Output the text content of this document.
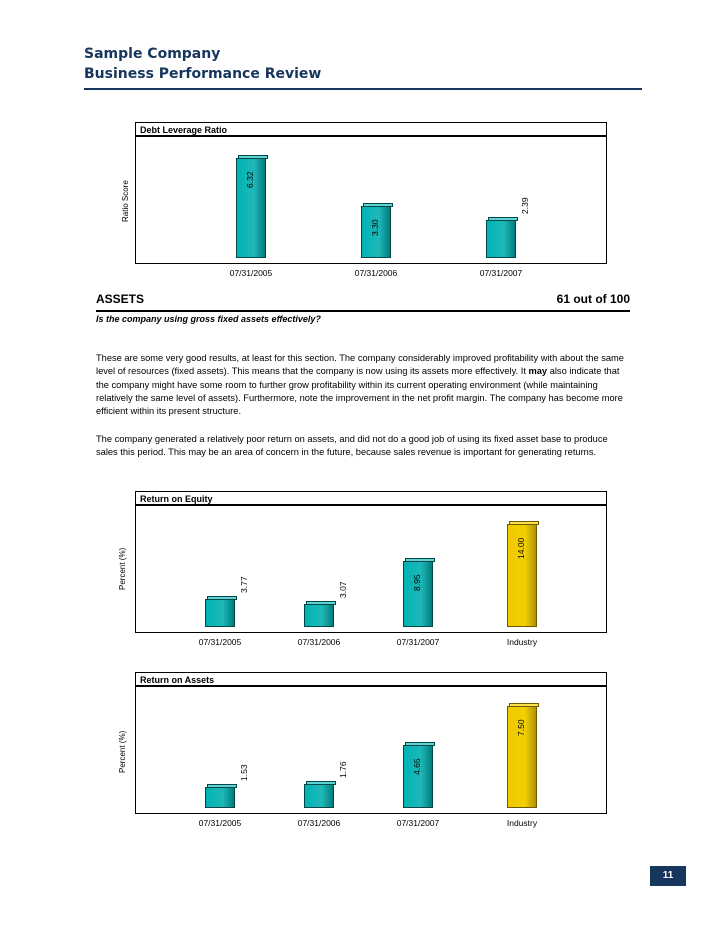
Sample Company
Business Performance Review
ASSETS	61 out of 100
Is the company using gross fixed assets effectively?
These are some very good results, at least for this section. The company considerably improved profitability with about the same level of resources (fixed assets). This means that the company is now using its assets more effectively. It may also indicate that the company might have some room to further grow profitability within its current operating environment (while maintaining relatively the same level of assets). Furthermore, note the improvement in the net profit margin. The company has become more efficient within its present structure.
The company generated a relatively poor return on assets, and did not do a good job of using its fixed asset base to produce sales this period. This may be an area of concern in the future, because sales revenue is important for generating returns.
11
Debt Leverage Ratio
Ratio Score
6.32
07/31/2005
3.30
07/31/2006
2.39
07/31/2007
Return on Equity
Percent (%)	3.77
07/31/2005
3.07
07/31/2006
8.95
07/31/2007
14.00
Industry
Return on Assets
Percent (%)	1.53
07/31/2005
1.76
07/31/2006
4.65
07/31/2007
7.50
Industry
